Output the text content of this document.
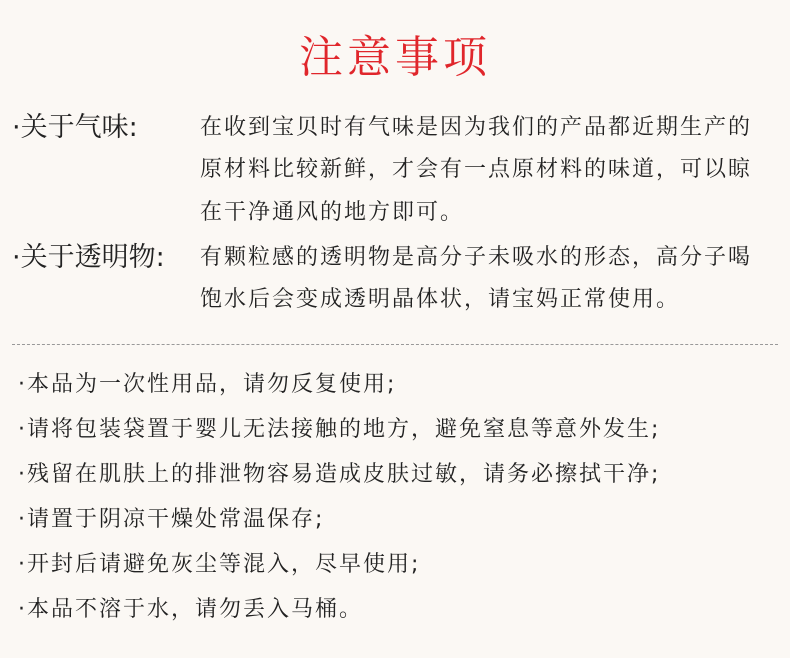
注意事项
·关于气味:	在收到宝贝时有气味是因为我们的产品都近期生产的
原材料比较新鲜，才会有一点原材料的味道，可以晾
在干净通风的地方即可。
·关于透明物: 有颗粒感的透明物是高分子未吸水的形态，高分子喝
饱水后会变成透明晶体状，请宝妈正常使用。
·本品为一次性用品，请勿反复使用;
·请将包装袋置于婴儿无法接触的地方，避免窒息等意外发生;
·残留在肌肤上的排泄物容易造成皮肤过敏，请务必擦拭干净;
·请置于阴凉干燥处常温保存;
·开封后请避免灰尘等混入，尽早使用;
·本品不溶于水，请勿丢入马桶。
